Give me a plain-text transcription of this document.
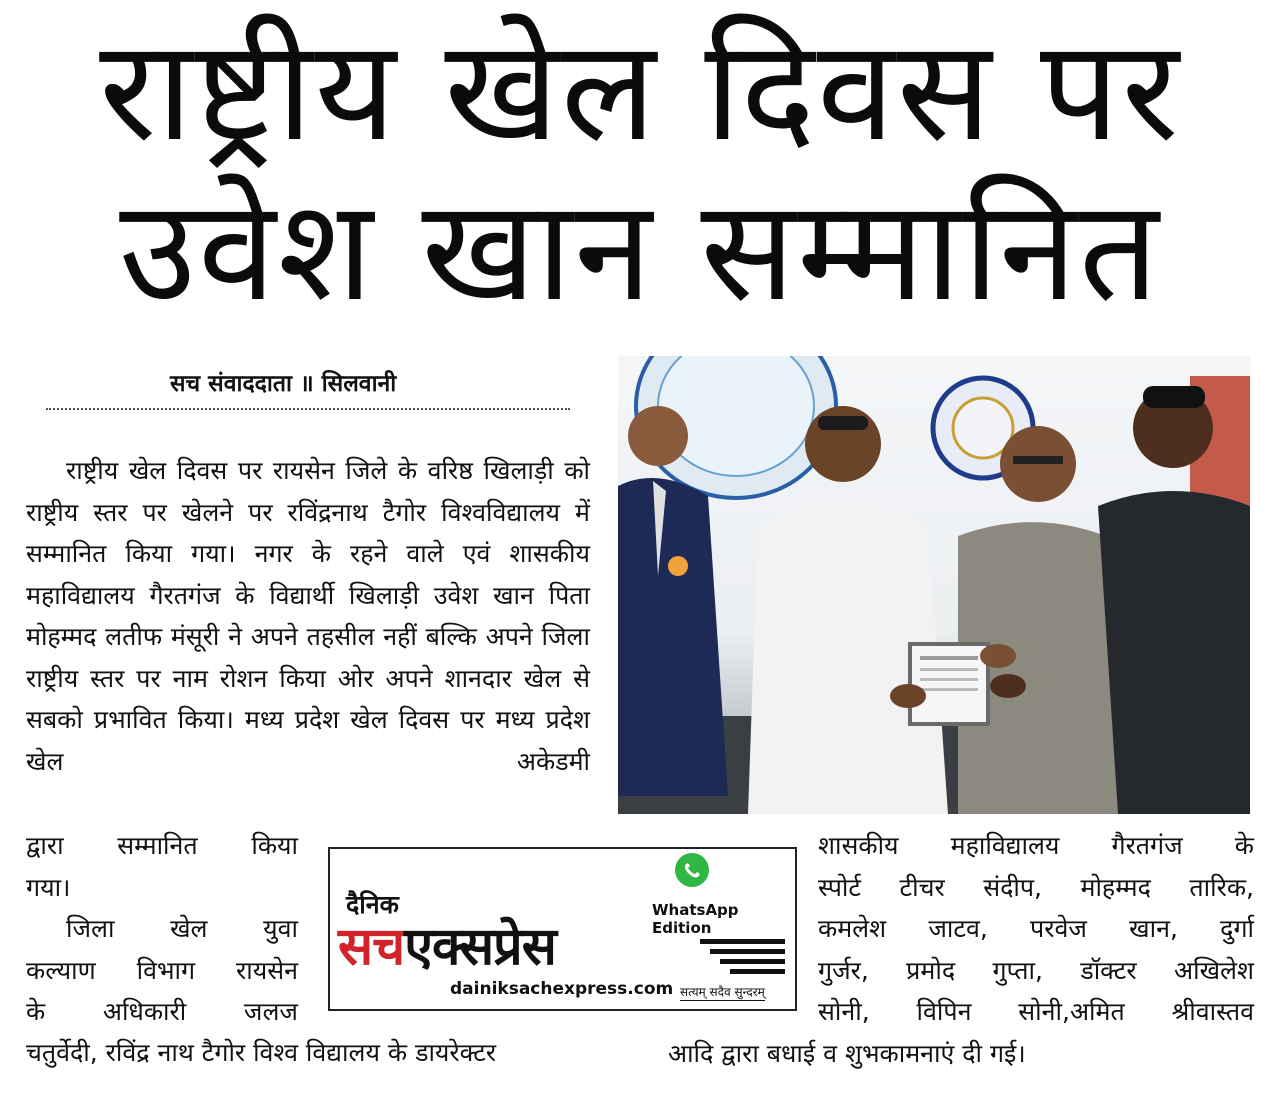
राष्ट्रीय खेल दिवस पर
उवेश खान सम्मानित
सच संवाददाता ॥ सिलवानी
राष्ट्रीय खेल दिवस पर रायसेन जिले के वरिष्ठ खिलाड़ी को राष्ट्रीय स्तर पर खेलने पर रविंद्रनाथ टैगोर विश्वविद्यालय में सम्मानित किया गया। नगर के रहने वाले एवं शासकीय महाविद्यालय गैरतगंज के विद्यार्थी खिलाड़ी उवेश खान पिता मोहम्मद लतीफ मंसूरी ने अपने तहसील नहीं बल्कि अपने जिला राष्ट्रीय स्तर पर नाम रोशन किया ओर अपने शानदार खेल से सबको प्रभावित किया। मध्य प्रदेश खेल दिवस पर मध्य प्रदेश खेल अकेडमी
द्वारा सम्मानित किया
गया।
जिला खेल युवा
कल्याण विभाग रायसेन
के अधिकारी जलज
चतुर्वेदी, रविंद्र नाथ टैगोर विश्व विद्यालय के डायरेक्टर
शासकीय महाविद्यालय गैरतगंज के
स्पोर्ट टीचर संदीप, मोहम्मद तारिक,
कमलेश जाटव, परवेज खान, दुर्गा
गुर्जर, प्रमोद गुप्ता, डॉक्टर अखिलेश
सोनी, विपिन सोनी,अमित श्रीवास्तव
आदि द्वारा बधाई व शुभकामनाएं दी गई।
WhatsApp Edition
दैनिक
सचएक्सप्रेस
dainiksachexpress.com सत्यम् सदैव सुन्दरम्
